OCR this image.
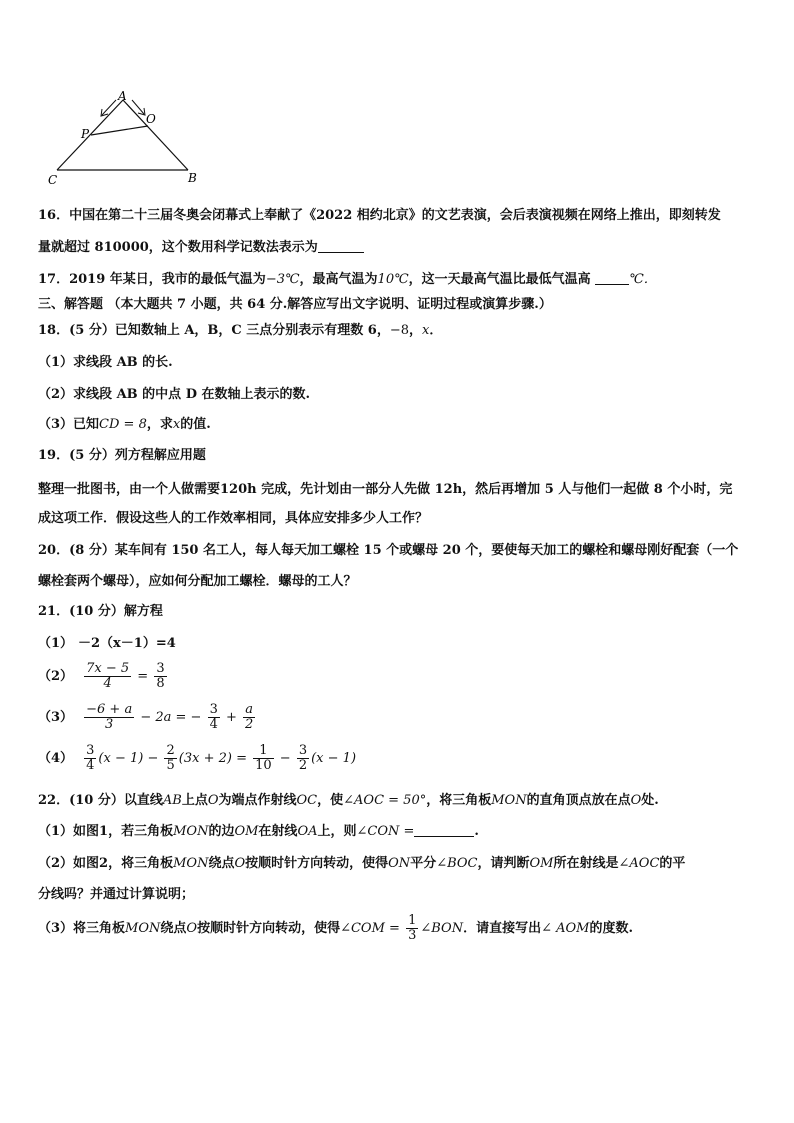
A
P
O
C	B
16．中国在第二十三届冬奥会闭幕式上奉献了《2022 相约北京》的文艺表演，会后表演视频在网络上推出，即刻转发
量就超过 810000，这个数用科学记数法表示为
17．2019 年某日，我市的最低气温为−3℃，最高气温为10℃，这一天最高气温比最低气温高	℃．
三、解答题 （本大题共 7 小题，共 64 分.解答应写出文字说明、证明过程或演算步骤.）
18．(5 分）已知数轴上 A，B，C 三点分别表示有理数 6，−8，x．
（1）求线段 AB 的长.
（2）求线段 AB 的中点 D 在数轴上表示的数.
（3）已知CD = 8，求x的值.
19．(5 分）列方程解应用题
整理一批图书，由一个人做需要120h 完成，先计划由一部分人先做 12h，然后再增加 5 人与他们一起做 8 个小时，完
成这项工作．假设这些人的工作效率相同，具体应安排多少人工作？
20．(8 分）某车间有 150 名工人，每人每天加工螺栓 15 个或螺母 20 个，要使每天加工的螺栓和螺母刚好配套（一个
螺栓套两个螺母），应如何分配加工螺栓．螺母的工人？
21．(10 分）解方程
（1） －2（x－1）=4
$(2) \frac{7x - 5}{4} = \frac{3}{8}$
$(3) \frac{-6 + a}{3} - 2a$ = − $\frac{3}{4} + \frac{a}{2}$
$(4) \frac{3}{4} (x - 1) - \frac{2}{5} (3x + 2) = \frac{1}{10} - \frac{3}{2} (x - 1)$
22．(10 分）以直线AB上点O为端点作射线OC，使∠AOC = 50°，将三角板MON的直角顶点放在点O处.
（1）如图1，若三角板MON的边OM在射线OA上，则∠CON =	.
（2）如图2，将三角板MON绕点O按顺时针方向转动，使得ON平分∠BOC，请判断OM所在射线是∠AOC的平
分线吗？并通过计算说明；
（3）将三角板MON绕点O按顺时针方向转动，使得∠COM = $\frac{1}{3}$ ∠BON．请直接写出∠ AOM的度数.
